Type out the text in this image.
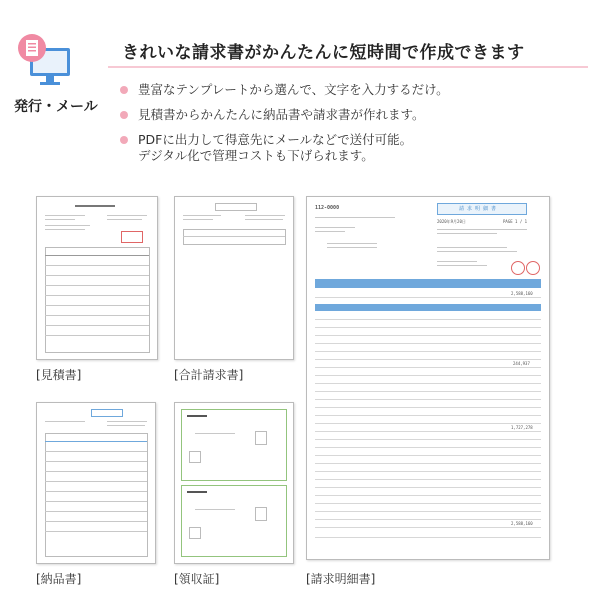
発行・メール
きれいな請求書がかんたんに短時間で作成できます
豊富なテンプレートから選んで、文字を入力するだけ。
見積書からかんたんに納品書や請求書が作れます。
PDFに出力して得意先にメールなどで送付可能。
デジタル化で管理コストも下げられます。
[見積書]	[合計請求書]
[納品書]	[領収証]
112-0000	請 求 明 細 書
PAGE 1 / 1
2020年9月20日
2,588,160
244,937
1,727,278
2,588,160
[請求明細書]
